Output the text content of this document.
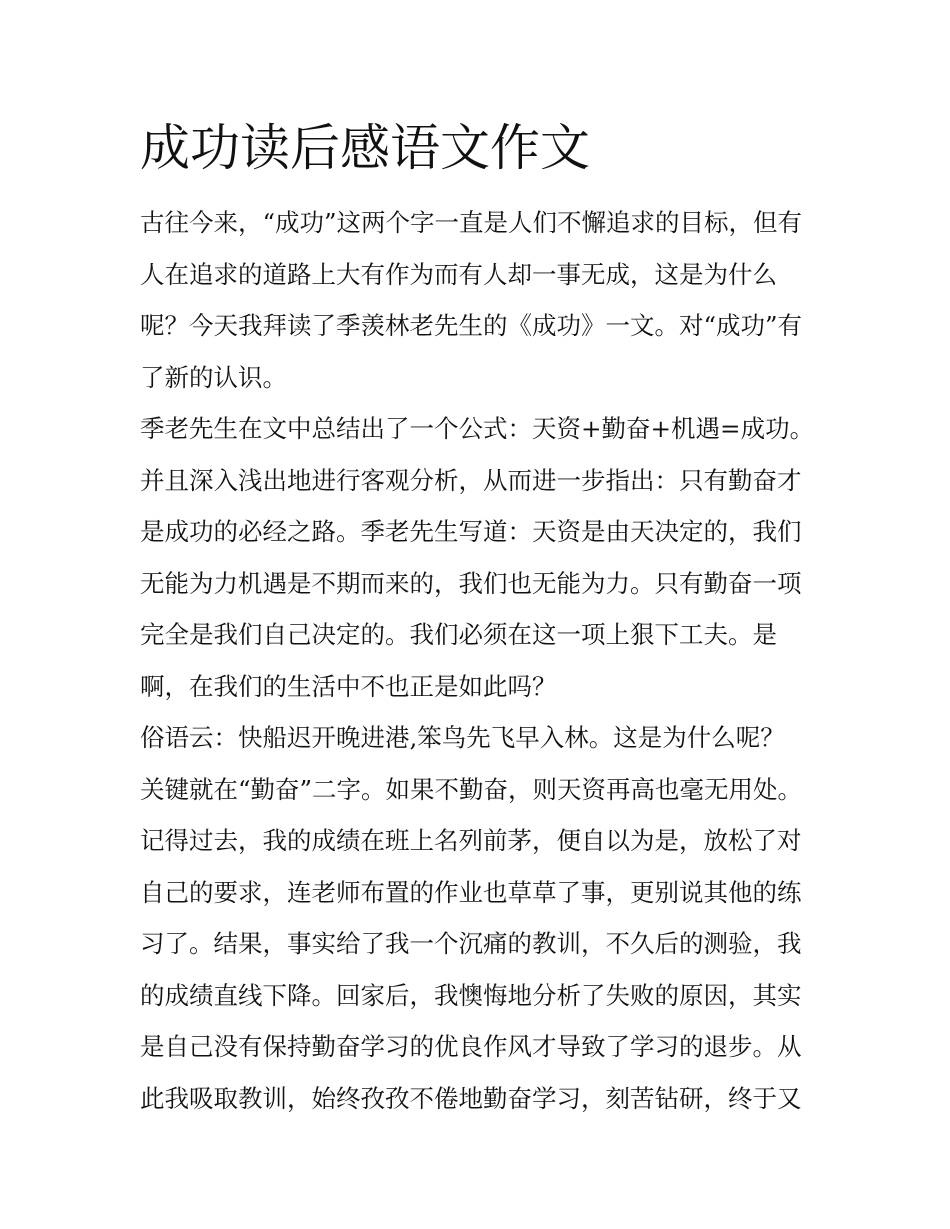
成功读后感语文作文
古往今来，“成功”这两个字一直是人们不懈追求的目标，但有
人在追求的道路上大有作为而有人却一事无成，这是为什么
呢？今天我拜读了季羡林老先生的《成功》一文。对“成功”有
了新的认识。
季老先生在文中总结出了一个公式：天资+勤奋+机遇=成功。
并且深入浅出地进行客观分析，从而进一步指出：只有勤奋才
是成功的必经之路。季老先生写道：天资是由天决定的，我们
无能为力机遇是不期而来的，我们也无能为力。只有勤奋一项
完全是我们自己决定的。我们必须在这一项上狠下工夫。是
啊，在我们的生活中不也正是如此吗？
俗语云：快船迟开晚进港,笨鸟先飞早入林。这是为什么呢？
关键就在“勤奋”二字。如果不勤奋，则天资再高也毫无用处。
记得过去，我的成绩在班上名列前茅，便自以为是，放松了对
自己的要求，连老师布置的作业也草草了事，更别说其他的练
习了。结果，事实给了我一个沉痛的教训，不久后的测验，我
的成绩直线下降。回家后，我懊悔地分析了失败的原因，其实
是自己没有保持勤奋学习的优良作风才导致了学习的退步。从
此我吸取教训，始终孜孜不倦地勤奋学习，刻苦钻研，终于又
